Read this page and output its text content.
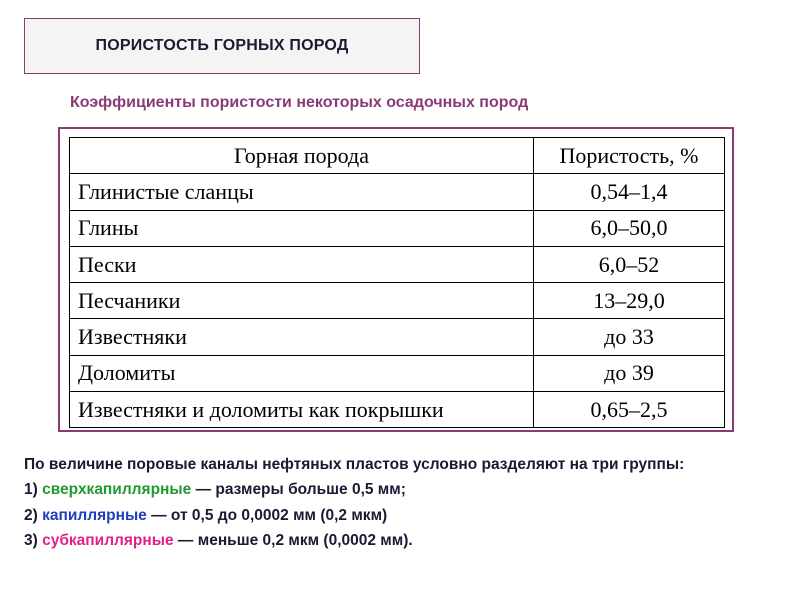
ПОРИСТОСТЬ ГОРНЫХ ПОРОД
Коэффициенты пористости некоторых осадочных пород
Горная порода	Пористость, %
Глинистые сланцы	0,54–1,4
Глины	6,0–50,0
Пески	6,0–52
Песчаники	13–29,0
Известняки	до 33
Доломиты	до 39
Известняки и доломиты как покрышки	0,65–2,5

По величине поровые каналы нефтяных пластов условно разделяют на три группы:

1) сверхкапиллярные — размеры больше 0,5 мм;

2) капиллярные — от 0,5 до 0,0002 мм (0,2 мкм)

3) субкапиллярные — меньше 0,2 мкм (0,0002 мм).
